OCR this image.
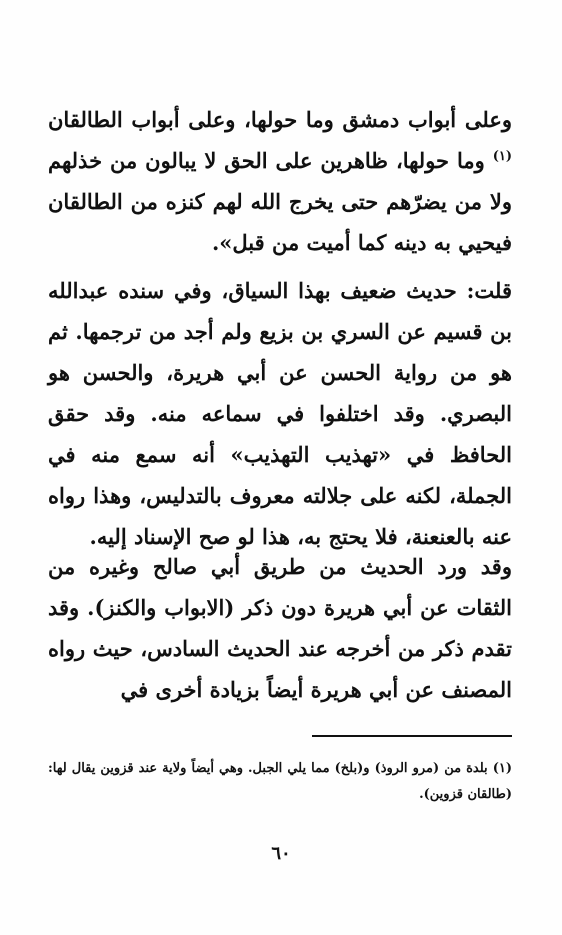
وعلى أبواب دمشق وما حولها، وعلى أبواب الطالقان $^{(١)}$ وما حولها، ظاهرين على الحق لا يبالون من خذلهم ولا من يضرّهم حتى يخرج الله لهم كنزه من الطالقان فيحيي به دينه كما أميت من قبل».

قلت: حديث ضعيف بهذا السياق، وفي سنده عبدالله بن قسيم عن السري بن بزيع ولم أجد من ترجمها. ثم هو من رواية الحسن عن أبي هريرة، والحسن هو البصري. وقد اختلفوا في سماعه منه. وقد حقق الحافظ في «تهذيب التهذيب» أنه سمع منه في الجملة، لكنه على جلالته معروف بالتدليس، وهذا رواه عنه بالعنعنة، فلا يحتج به، هذا لو صح الإسناد إليه.

وقد ورد الحديث من طريق أبي صالح وغيره من الثقات عن أبي هريرة دون ذكر (الابواب والكنز). وقد تقدم ذكر من أخرجه عند الحديث السادس، حيث رواه المصنف عن أبي هريرة أيضاً بزيادة أخرى في

(١) بلدة من (مرو الروذ) و(بلخ) مما يلي الجبل. وهي أيضاً ولاية عند قزوين يقال لها: (طالقان قزوين).

٦٠
